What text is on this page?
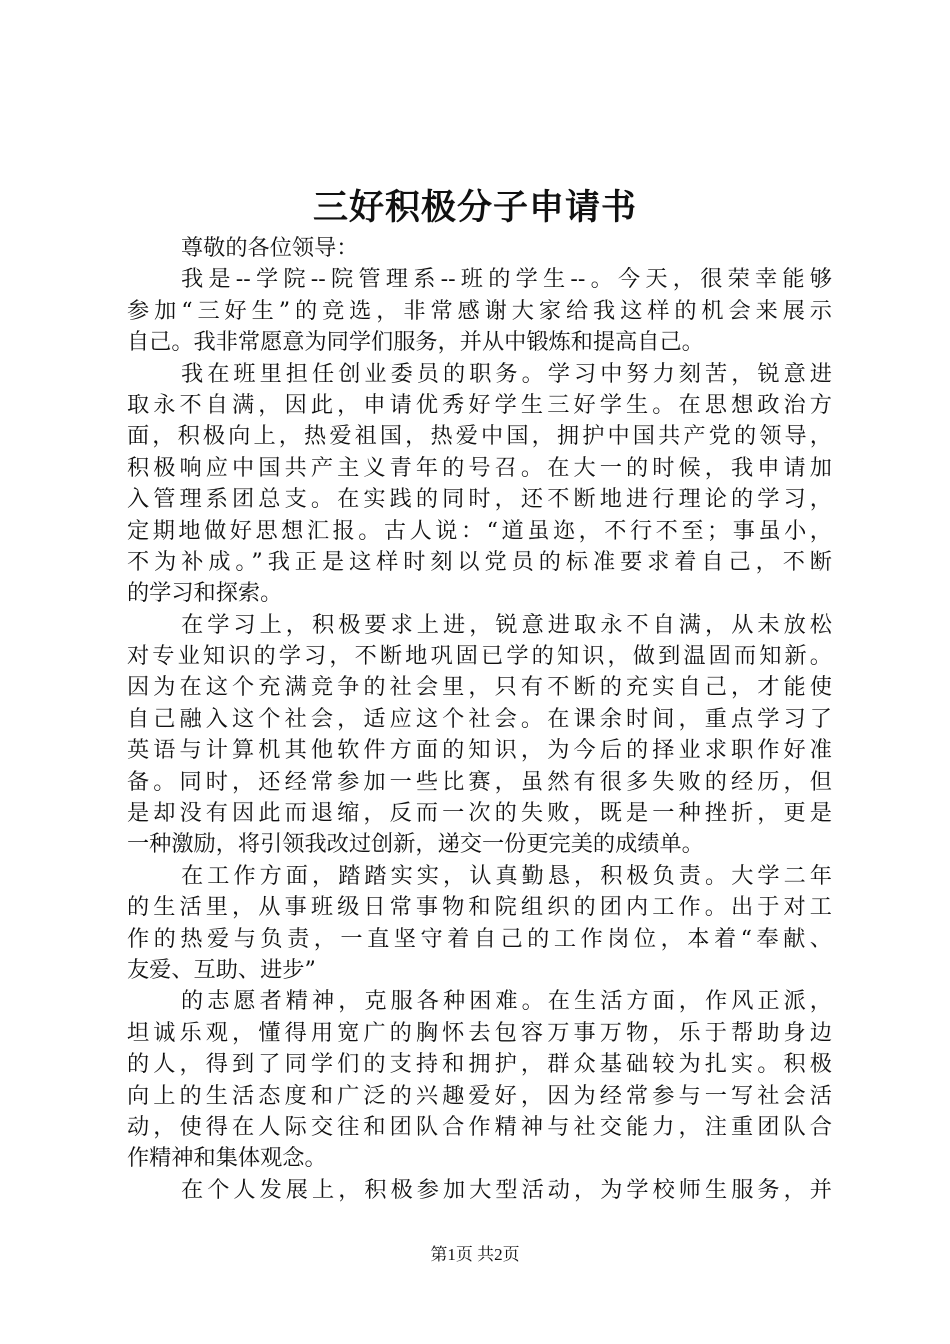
三好积极分子申请书
尊敬的各位领导：
我是--学院--院管理系--班的学生--。今天，很荣幸能够
参加“三好生”的竞选，非常感谢大家给我这样的机会来展示
自己。我非常愿意为同学们服务，并从中锻炼和提高自己。
我在班里担任创业委员的职务。学习中努力刻苦，锐意进
取永不自满，因此，申请优秀好学生三好学生。在思想政治方
面，积极向上，热爱祖国，热爱中国，拥护中国共产党的领导，
积极响应中国共产主义青年的号召。在大一的时候，我申请加
入管理系团总支。在实践的同时，还不断地进行理论的学习，
定期地做好思想汇报。古人说：“道虽迩，不行不至；事虽小，
不为补成。”我正是这样时刻以党员的标准要求着自己，不断
的学习和探索。
在学习上，积极要求上进，锐意进取永不自满，从未放松
对专业知识的学习，不断地巩固已学的知识，做到温固而知新。
因为在这个充满竞争的社会里，只有不断的充实自己，才能使
自己融入这个社会，适应这个社会。在课余时间，重点学习了
英语与计算机其他软件方面的知识，为今后的择业求职作好准
备。同时，还经常参加一些比赛，虽然有很多失败的经历，但
是却没有因此而退缩，反而一次的失败，既是一种挫折，更是
一种激励，将引领我改过创新，递交一份更完美的成绩单。
在工作方面，踏踏实实，认真勤恳，积极负责。大学二年
的生活里，从事班级日常事物和院组织的团内工作。出于对工
作的热爱与负责，一直坚守着自己的工作岗位，本着“奉献、
友爱、互助、进步”
的志愿者精神，克服各种困难。在生活方面，作风正派，
坦诚乐观，懂得用宽广的胸怀去包容万事万物，乐于帮助身边
的人，得到了同学们的支持和拥护，群众基础较为扎实。积极
向上的生活态度和广泛的兴趣爱好，因为经常参与一写社会活
动，使得在人际交往和团队合作精神与社交能力，注重团队合
作精神和集体观念。
在个人发展上，积极参加大型活动，为学校师生服务，并
第1页 共2页
